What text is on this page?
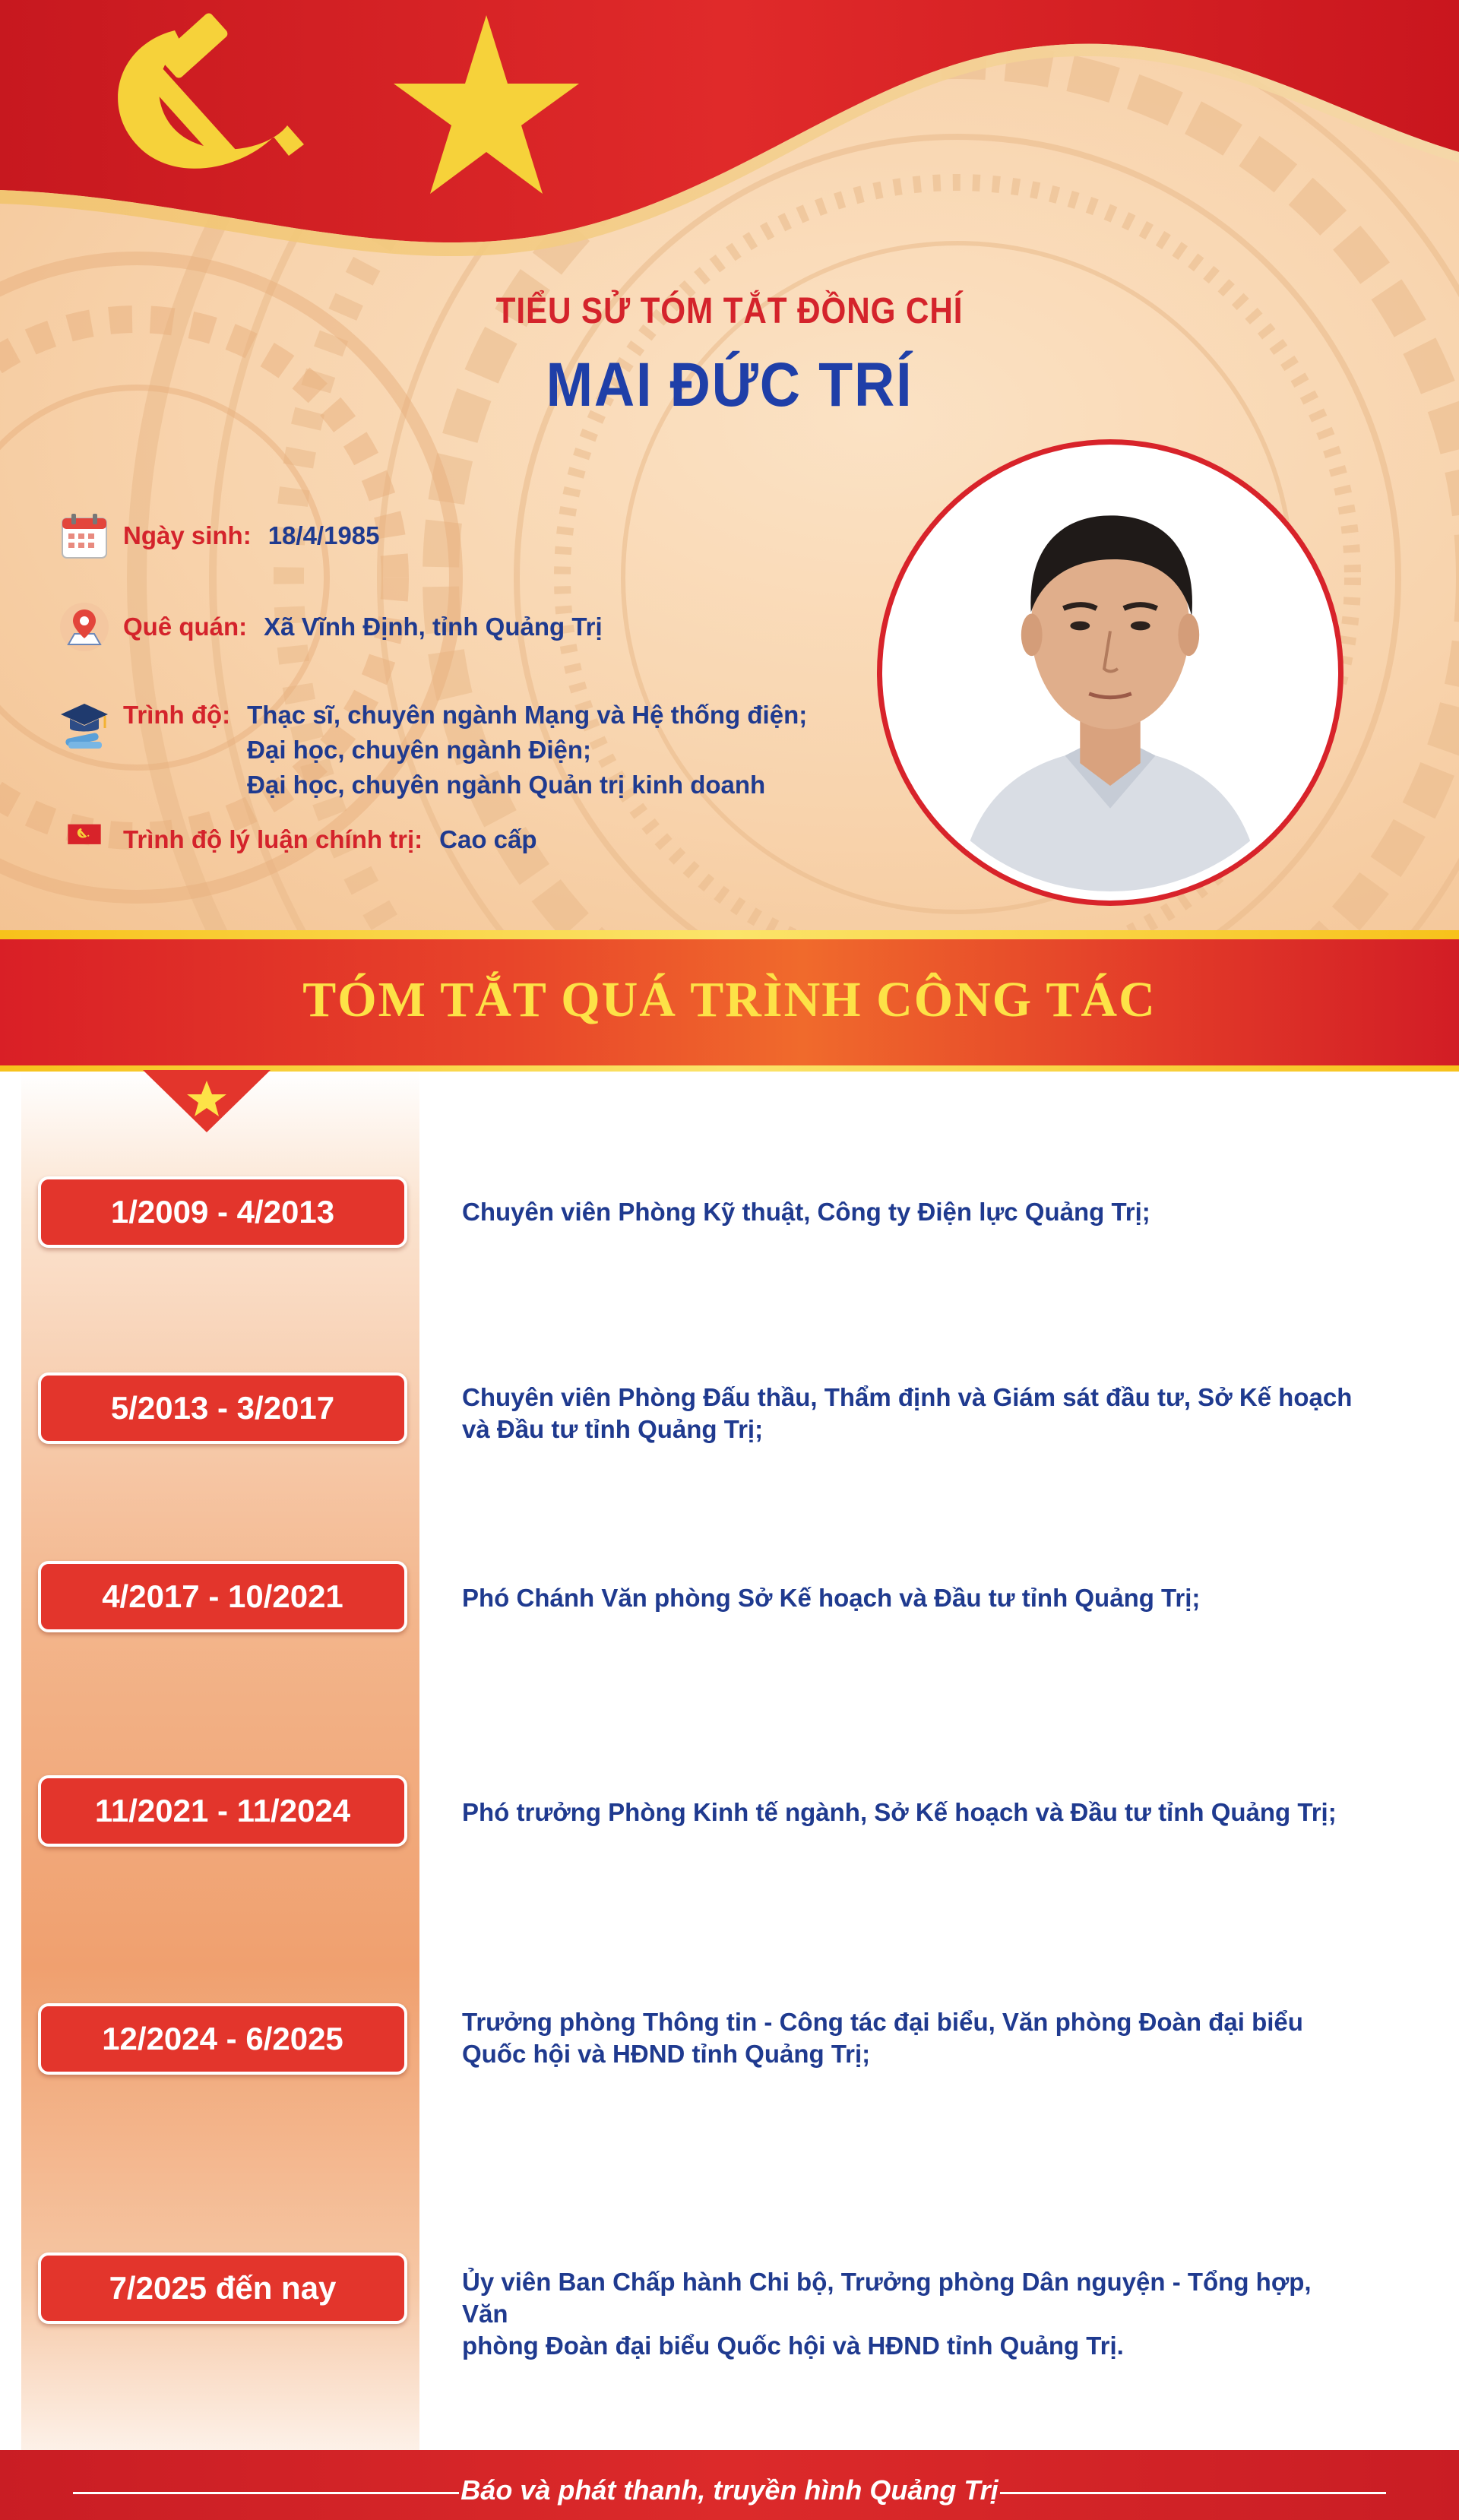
TIỂU SỬ TÓM TẮT ĐỒNG CHÍ
MAI ĐỨC TRÍ
Ngày sinh: 18/4/1985
Quê quán: Xã Vĩnh Định, tỉnh Quảng Trị
Trình độ: Thạc sĩ, chuyên ngành Mạng và Hệ thống điện;
Đại học, chuyên ngành Điện;
Đại học, chuyên ngành Quản trị kinh doanh
Trình độ lý luận chính trị: Cao cấp
TÓM TẮT QUÁ TRÌNH CÔNG TÁC
1/2009 - 4/2013	Chuyên viên Phòng Kỹ thuật, Công ty Điện lực Quảng Trị;
5/2013 - 3/2017	Chuyên viên Phòng Đấu thầu, Thẩm định và Giám sát đầu tư, Sở Kế hoạch
và Đầu tư tỉnh Quảng Trị;
4/2017 - 10/2021	Phó Chánh Văn phòng Sở Kế hoạch và Đầu tư tỉnh Quảng Trị;
11/2021 - 11/2024	Phó trưởng Phòng Kinh tế ngành, Sở Kế hoạch và Đầu tư tỉnh Quảng Trị;
12/2024 - 6/2025	Trưởng phòng Thông tin - Công tác đại biểu, Văn phòng Đoàn đại biểu
Quốc hội và HĐND tỉnh Quảng Trị;
7/2025 đến nay	Ủy viên Ban Chấp hành Chi bộ, Trưởng phòng Dân nguyện - Tổng hợp, Văn
phòng Đoàn đại biểu Quốc hội và HĐND tỉnh Quảng Trị.
Báo và phát thanh, truyền hình Quảng Trị
